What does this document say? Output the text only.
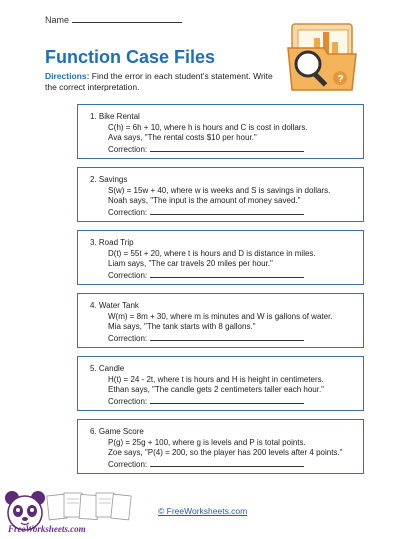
Name
Function Case Files
Directions: Find the error in each student's statement. Write the correct interpretation.
?
1. Bike Rental
C(h) = 6h + 10, where h is hours and C is cost in dollars.
Ava says, "The rental costs $10 per hour."
Correction:
2. Savings
S(w) = 15w + 40, where w is weeks and S is savings in dollars.
Noah says, "The input is the amount of money saved."
Correction:
3. Road Trip
D(t) = 55t + 20, where t is hours and D is distance in miles.
Liam says, "The car travels 20 miles per hour."
Correction:
4. Water Tank
W(m) = 8m + 30, where m is minutes and W is gallons of water.
Mia says, "The tank starts with 8 gallons."
Correction:
5. Candle
H(t) = 24 - 2t, where t is hours and H is height in centimeters.
Ethan says, "The candle gets 2 centimeters taller each hour."
Correction:
6. Game Score
P(g) = 25g + 100, where g is levels and P is total points.
Zoe says, "P(4) = 200, so the player has 200 levels after 4 points."
Correction:
FreeWorksheets.com
© FreeWorksheets.com
